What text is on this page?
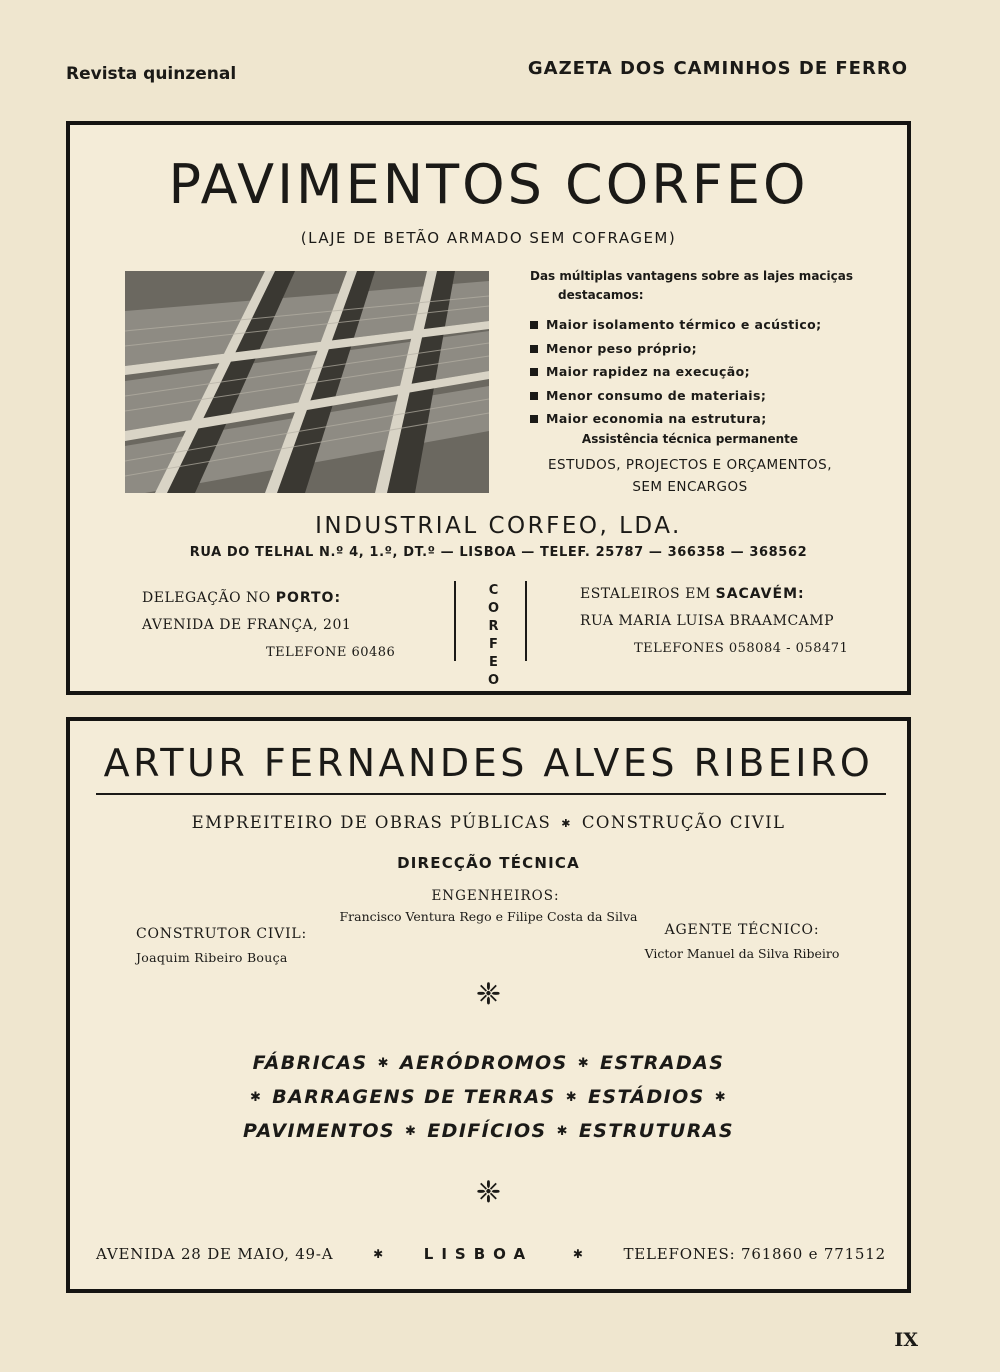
Revista quinzenal	GAZETA DOS CAMINHOS DE FERRO
PAVIMENTOS CORFEO
(LAJE DE BETÃO ARMADO SEM COFRAGEM)
Das múltiplas vantagens sobre as lajes maciças
destacamos:
Maior isolamento térmico e acústico;
Menor peso próprio;
Maior rapidez na execução;
Menor consumo de materiais;
Maior economia na estrutura;
Assistência técnica permanente
ESTUDOS, PROJECTOS E ORÇAMENTOS,
SEM ENCARGOS
INDUSTRIAL CORFEO, LDA.
RUA DO TELHAL N.º 4, 1.º, DT.º — LISBOA — TELEF. 25787 — 366358 — 368562
DELEGAÇÃO NO PORTO:
AVENIDA DE FRANÇA, 201
TELEFONE 60486	CORFEO	ESTALEIROS EM SACAVÉM:
RUA MARIA LUISA BRAAMCAMP
TELEFONES 058084 - 058471
ARTUR FERNANDES ALVES RIBEIRO
EMPREITEIRO DE OBRAS PÚBLICAS ✱ CONSTRUÇÃO CIVIL
DIRECÇÃO TÉCNICA
ENGENHEIROS:
Francisco Ventura Rego e Filipe Costa da Silva
CONSTRUTOR CIVIL:
Joaquim Ribeiro Bouça
AGENTE TÉCNICO:
Victor Manuel da Silva Ribeiro
❈
FÁBRICAS ✱ AERÓDROMOS ✱ ESTRADAS
✱ BARRAGENS DE TERRAS ✱ ESTÁDIOS ✱
PAVIMENTOS ✱ EDIFÍCIOS ✱ ESTRUTURAS
❈
AVENIDA 28 DE MAIO, 49-A	✱	LISBOA	✱	TELEFONES: 761860 e 771512
IX
